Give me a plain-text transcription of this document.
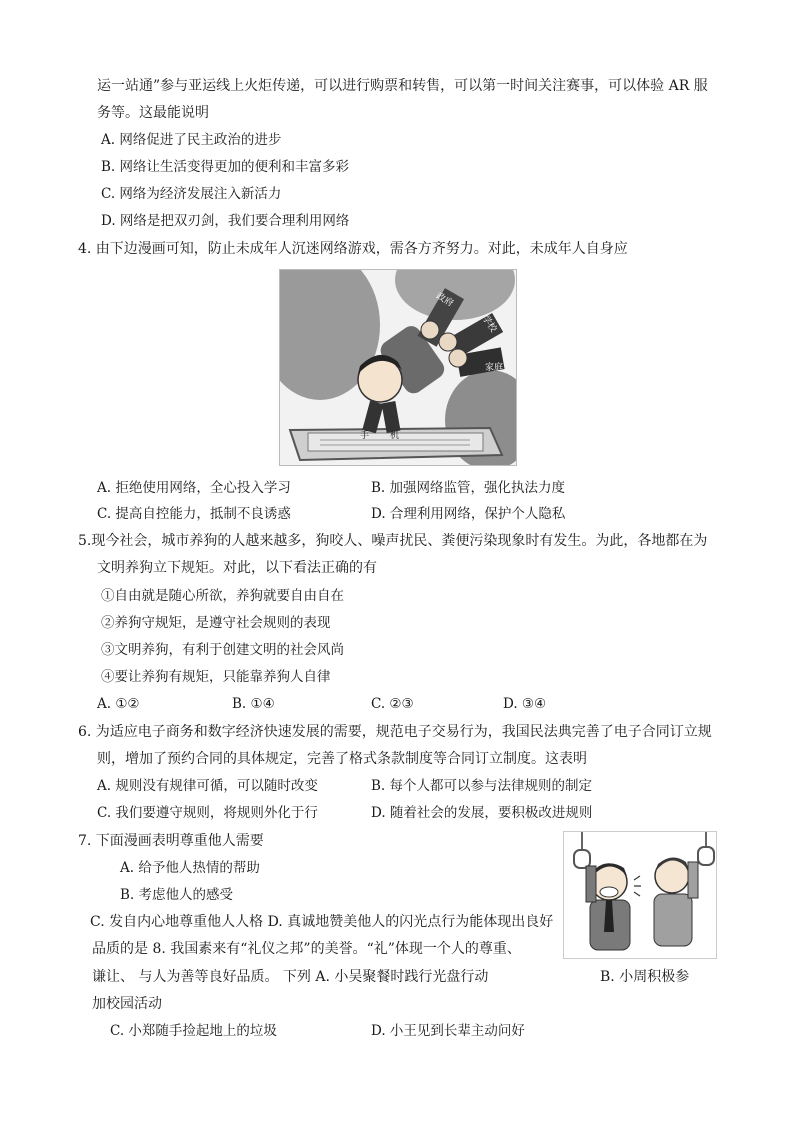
运一站通”参与亚运线上火炬传递，可以进行购票和转售，可以第一时间关注赛事，可以体验 AR 服
务等。这最能说明
A. 网络促进了民主政治的进步
B. 网络让生活变得更加的便利和丰富多彩
C. 网络为经济发展注入新活力
D. 网络是把双刃剑，我们要合理利用网络
4. 由下边漫画可知，防止未成年人沉迷网络游戏，需各方齐努力。对此，未成年人自身应
政府
学校
家庭
手 机
A. 拒绝使用网络，全心投入学习	B. 加强网络监管，强化执法力度
C. 提高自控能力，抵制不良诱惑	D. 合理利用网络，保护个人隐私
5.现今社会，城市养狗的人越来越多，狗咬人、噪声扰民、粪便污染现象时有发生。为此，各地都在为
文明养狗立下规矩。对此，以下看法正确的有
①自由就是随心所欲，养狗就要自由自在
②养狗守规矩，是遵守社会规则的表现
③文明养狗，有利于创建文明的社会风尚
④要让养狗有规矩，只能靠养狗人自律
A. ①②	B. ①④	C. ②③	D. ③④
6. 为适应电子商务和数字经济快速发展的需要，规范电子交易行为，我国民法典完善了电子合同订立规
则，增加了预约合同的具体规定，完善了格式条款制度等合同订立制度。这表明
A. 规则没有规律可循，可以随时改变	B. 每个人都可以参与法律规则的制定
C. 我们要遵守规则，将规则外化于行	D. 随着社会的发展，要积极改进规则
7. 下面漫画表明尊重他人需要
A. 给予他人热情的帮助
B. 考虑他人的感受
C. 发自内心地尊重他人人格 D. 真诚地赞美他人的闪光点行为能体现出良好
品质的是 8. 我国素来有“礼仪之邦”的美誉。“礼”体现一个人的尊重、
谦让、 与人为善等良好品质。 下列 A. 小吴聚餐时践行光盘行动	B. 小周积极参
加校园活动
C. 小郑随手捡起地上的垃圾	D. 小王见到长辈主动问好
